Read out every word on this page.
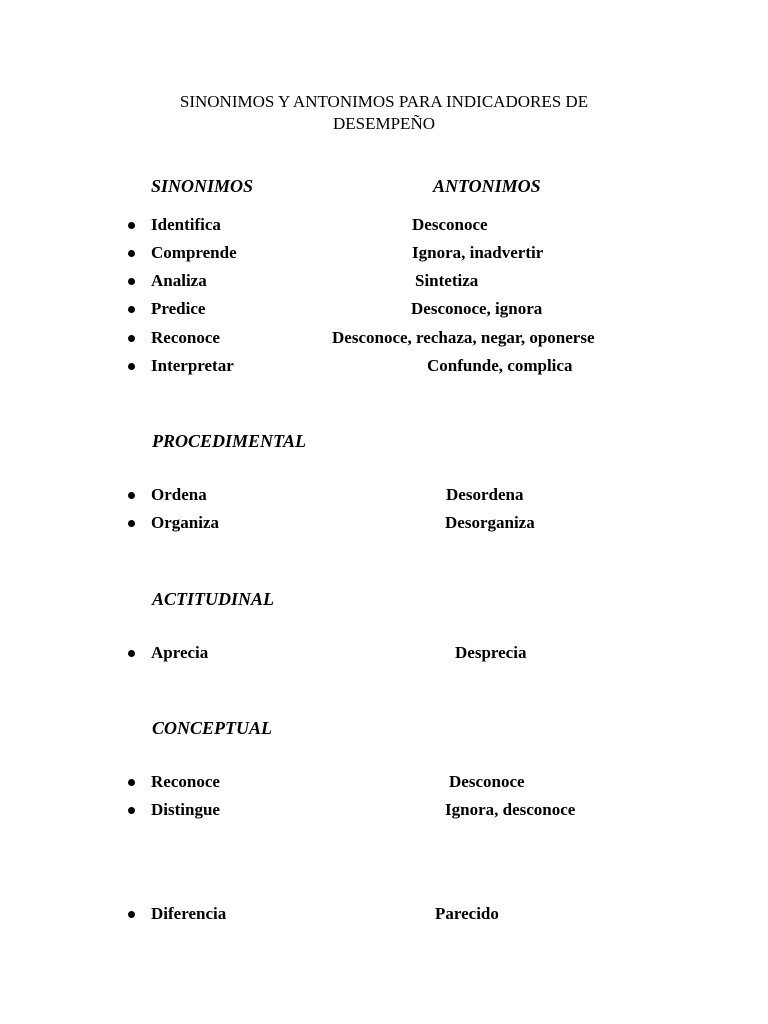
SINONIMOS Y ANTONIMOS PARA INDICADORES DE
DESEMPEÑO
SINONIMOS	ANTONIMOS
Identifica	Desconoce
Comprende	Ignora, inadvertir
Analiza	Sintetiza
Predice	Desconoce, ignora
Reconoce	Desconoce, rechaza, negar, oponerse
Interpretar	Confunde, complica
PROCEDIMENTAL
Ordena	Desordena
Organiza	Desorganiza
ACTITUDINAL
Aprecia	Desprecia
CONCEPTUAL
Reconoce	Desconoce
Distingue	Ignora, desconoce
Diferencia	Parecido
